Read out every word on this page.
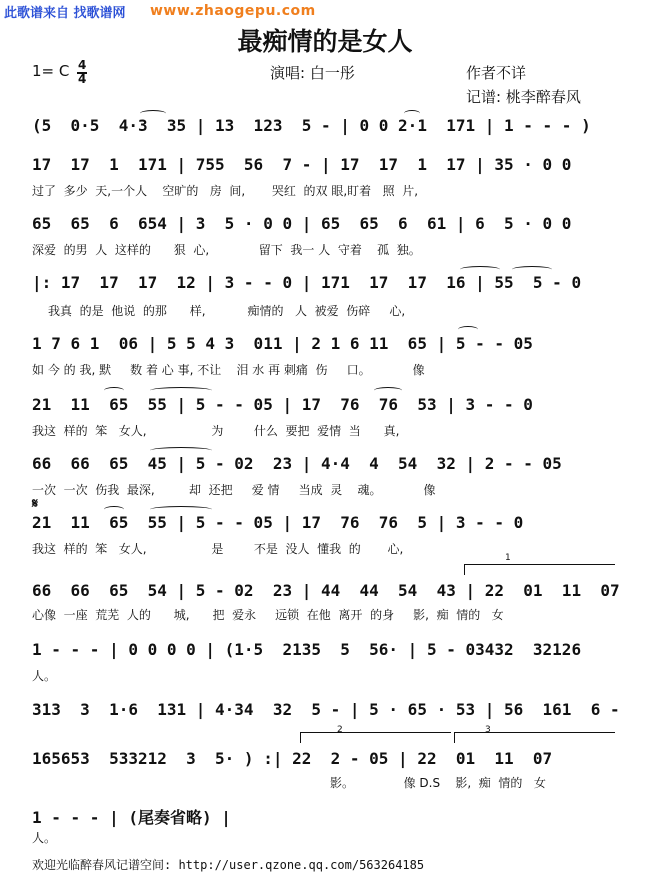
此歌谱来自 找歌谱网 www.zhaogepu.com
最痴情的是女人
1= C 4
4	演唱: 白一彤	作者不详
记谱: 桃李醉春风
(5  0·5  4·3  35 | 13  123  5 - | 0 0 2·1  171 | 1 - - - )
17  17  1  171 | 755  56  7 - | 17  17  1  17 | 35 · 0 0
过了  多少  天,一个人    空旷的   房  间,       哭红  的双 眼,盯着   照  片,
65  65  6  654 | 3  5 · 0 0 | 65  65  6  61 | 6  5 · 0 0
深爱  的男  人  这样的      狠  心,             留下  我一 人  守着    孤  独。
|: 17  17  17  12 | 3 - - 0 | 171  17  17  16 | 55  5 - 0
我真  的是  他说  的那      样,           痴情的   人  被爱  伤碎     心,
1 7 6 1  06 | 5 5 4 3  011 | 2 1 6 11  65 | 5 - - 05
如 今 的 我, 默     数 着 心 事, 不让    泪 水 再 刺痛  伤     口。           像
21  11  65  55 | 5 - - 05 | 17  76  76  53 | 3 - - 0
我这  样的  笨   女人,                 为        什么  要把  爱情  当      真,
66  66  65  45 | 5 - 02  23 | 4·4  4  54  32 | 2 - - 05
一次  一次  伤我  最深,         却  还把     爱 情     当成  灵    魂。           像
𝄋
21  11  65  55 | 5 - - 05 | 17  76  76  5 | 3 - - 0
我这  样的  笨   女人,                 是        不是  没人  懂我  的       心,
1
66  66  65  54 | 5 - 02  23 | 44  44  54  43 | 22  01  11  07
心像  一座  荒芜  人的      城,      把  爱永     远锁  在他  离开  的身     影,  痴  情的   女
1 - - - | 0 0 0 0 | (1·5  2135  5  56· | 5 - 03432  32126
人。
313  3  1·6  131 | 4·34  32  5 - | 5 · 65 · 53 | 56  161  6 -
2	3
165653  533212  3  5· ) :| 22  2 - 05 | 22  01  11  07
影。             像 D.S    影,  痴  情的   女
1 - - - | (尾奏省略) |
人。
欢迎光临醉春风记谱空间: http://user.qzone.qq.com/563264185
